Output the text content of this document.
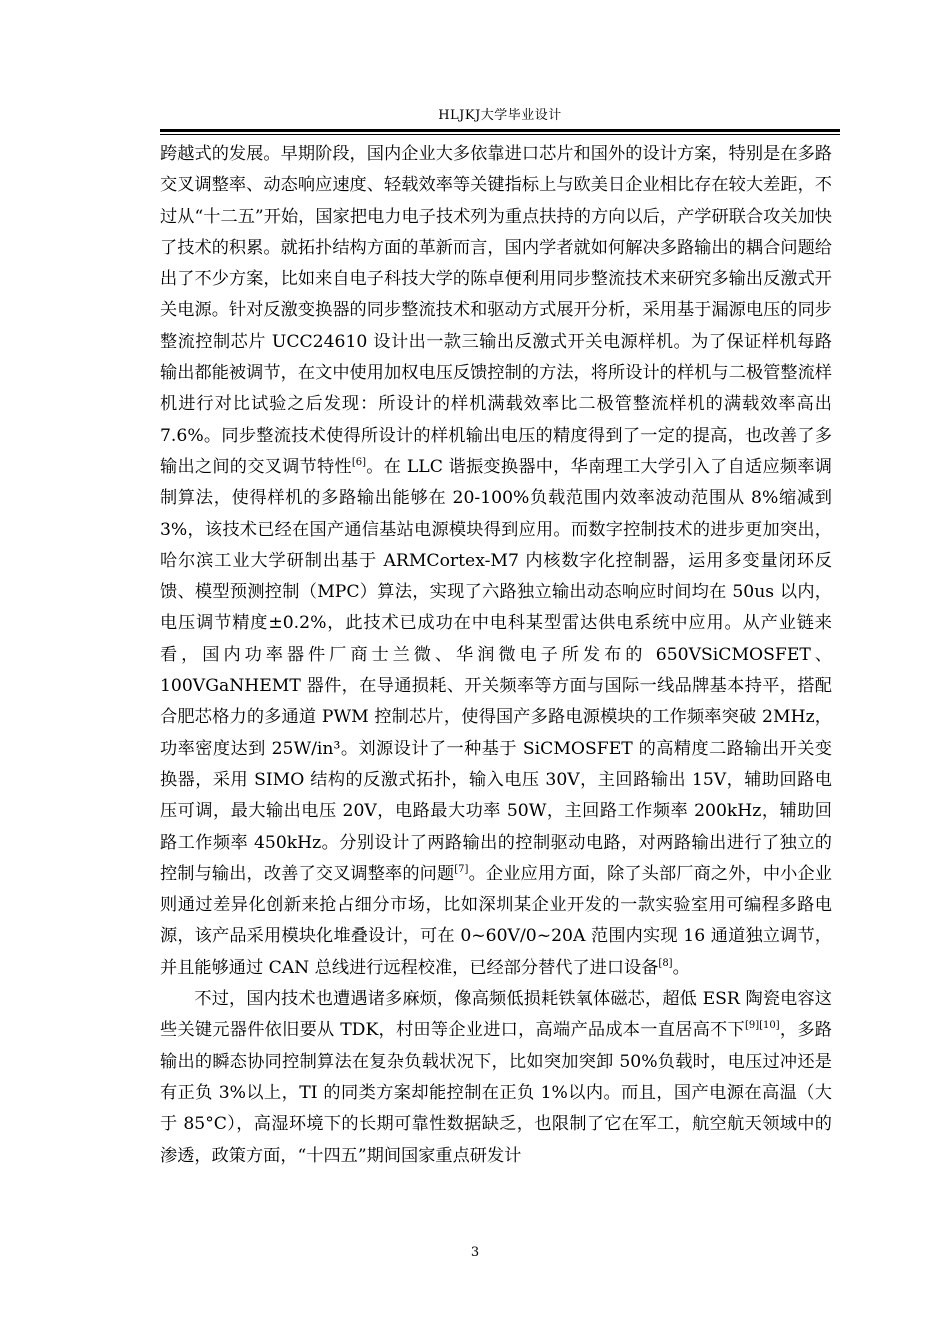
HLJKJ大学毕业设计

跨越式的发展。早期阶段，国内企业大多依靠进口芯片和国外的设计方案，特别是在多路交叉调整率、动态响应速度、轻载效率等关键指标上与欧美日企业相比存在较大差距，不过从“十二五”开始，国家把电力电子技术列为重点扶持的方向以后，产学研联合攻关加快了技术的积累。就拓扑结构方面的革新而言，国内学者就如何解决多路输出的耦合问题给出了不少方案，比如来自电子科技大学的陈卓便利用同步整流技术来研究多输出反激式开关电源。针对反激变换器的同步整流技术和驱动方式展开分析，采用基于漏源电压的同步整流控制芯片 UCC24610 设计出一款三输出反激式开关电源样机。为了保证样机每路输出都能被调节，在文中使用加权电压反馈控制的方法，将所设计的样机与二极管整流样机进行对比试验之后发现：所设计的样机满载效率比二极管整流样机的满载效率高出 7.6%。同步整流技术使得所设计的样机输出电压的精度得到了一定的提高，也改善了多输出之间的交叉调节特性[6]。在 LLC 谐振变换器中，华南理工大学引入了自适应频率调制算法，使得样机的多路输出能够在 20-100%负载范围内效率波动范围从 8%缩减到 3%，该技术已经在国产通信基站电源模块得到应用。而数字控制技术的进步更加突出，哈尔滨工业大学研制出基于 ARMCortex-M7 内核数字化控制器，运用多变量闭环反馈、模型预测控制（MPC）算法，实现了六路独立输出动态响应时间均在 50us 以内，电压调节精度±0.2%，此技术已成功在中电科某型雷达供电系统中应用。从产业链来看，国内功率器件厂商士兰微、华润微电子所发布的 650VSiCMOSFET、100VGaNHEMT 器件，在导通损耗、开关频率等方面与国际一线品牌基本持平，搭配合肥芯格力的多通道 PWM 控制芯片，使得国产多路电源模块的工作频率突破 2MHz，功率密度达到 25W/in³。刘源设计了一种基于 SiCMOSFET 的高精度二路输出开关变换器，采用 SIMO 结构的反激式拓扑，输入电压 30V，主回路输出 15V，辅助回路电压可调，最大输出电压 20V，电路最大功率 50W，主回路工作频率 200kHz，辅助回路工作频率 450kHz。分别设计了两路输出的控制驱动电路，对两路输出进行了独立的控制与输出，改善了交叉调整率的问题[7]。企业应用方面，除了头部厂商之外，中小企业则通过差异化创新来抢占细分市场，比如深圳某企业开发的一款实验室用可编程多路电源，该产品采用模块化堆叠设计，可在 0~60V/0~20A 范围内实现 16 通道独立调节，并且能够通过 CAN 总线进行远程校准，已经部分替代了进口设备[8]。

不过，国内技术也遭遇诸多麻烦，像高频低损耗铁氧体磁芯，超低 ESR 陶瓷电容这些关键元器件依旧要从 TDK，村田等企业进口，高端产品成本一直居高不下[9][10]，多路输出的瞬态协同控制算法在复杂负载状况下，比如突加突卸 50%负载时，电压过冲还是有正负 3%以上，TI 的同类方案却能控制在正负 1%以内。而且，国产电源在高温（大于 85°C），高湿环境下的长期可靠性数据缺乏，也限制了它在军工，航空航天领域中的渗透，政策方面，“十四五”期间国家重点研发计

3
